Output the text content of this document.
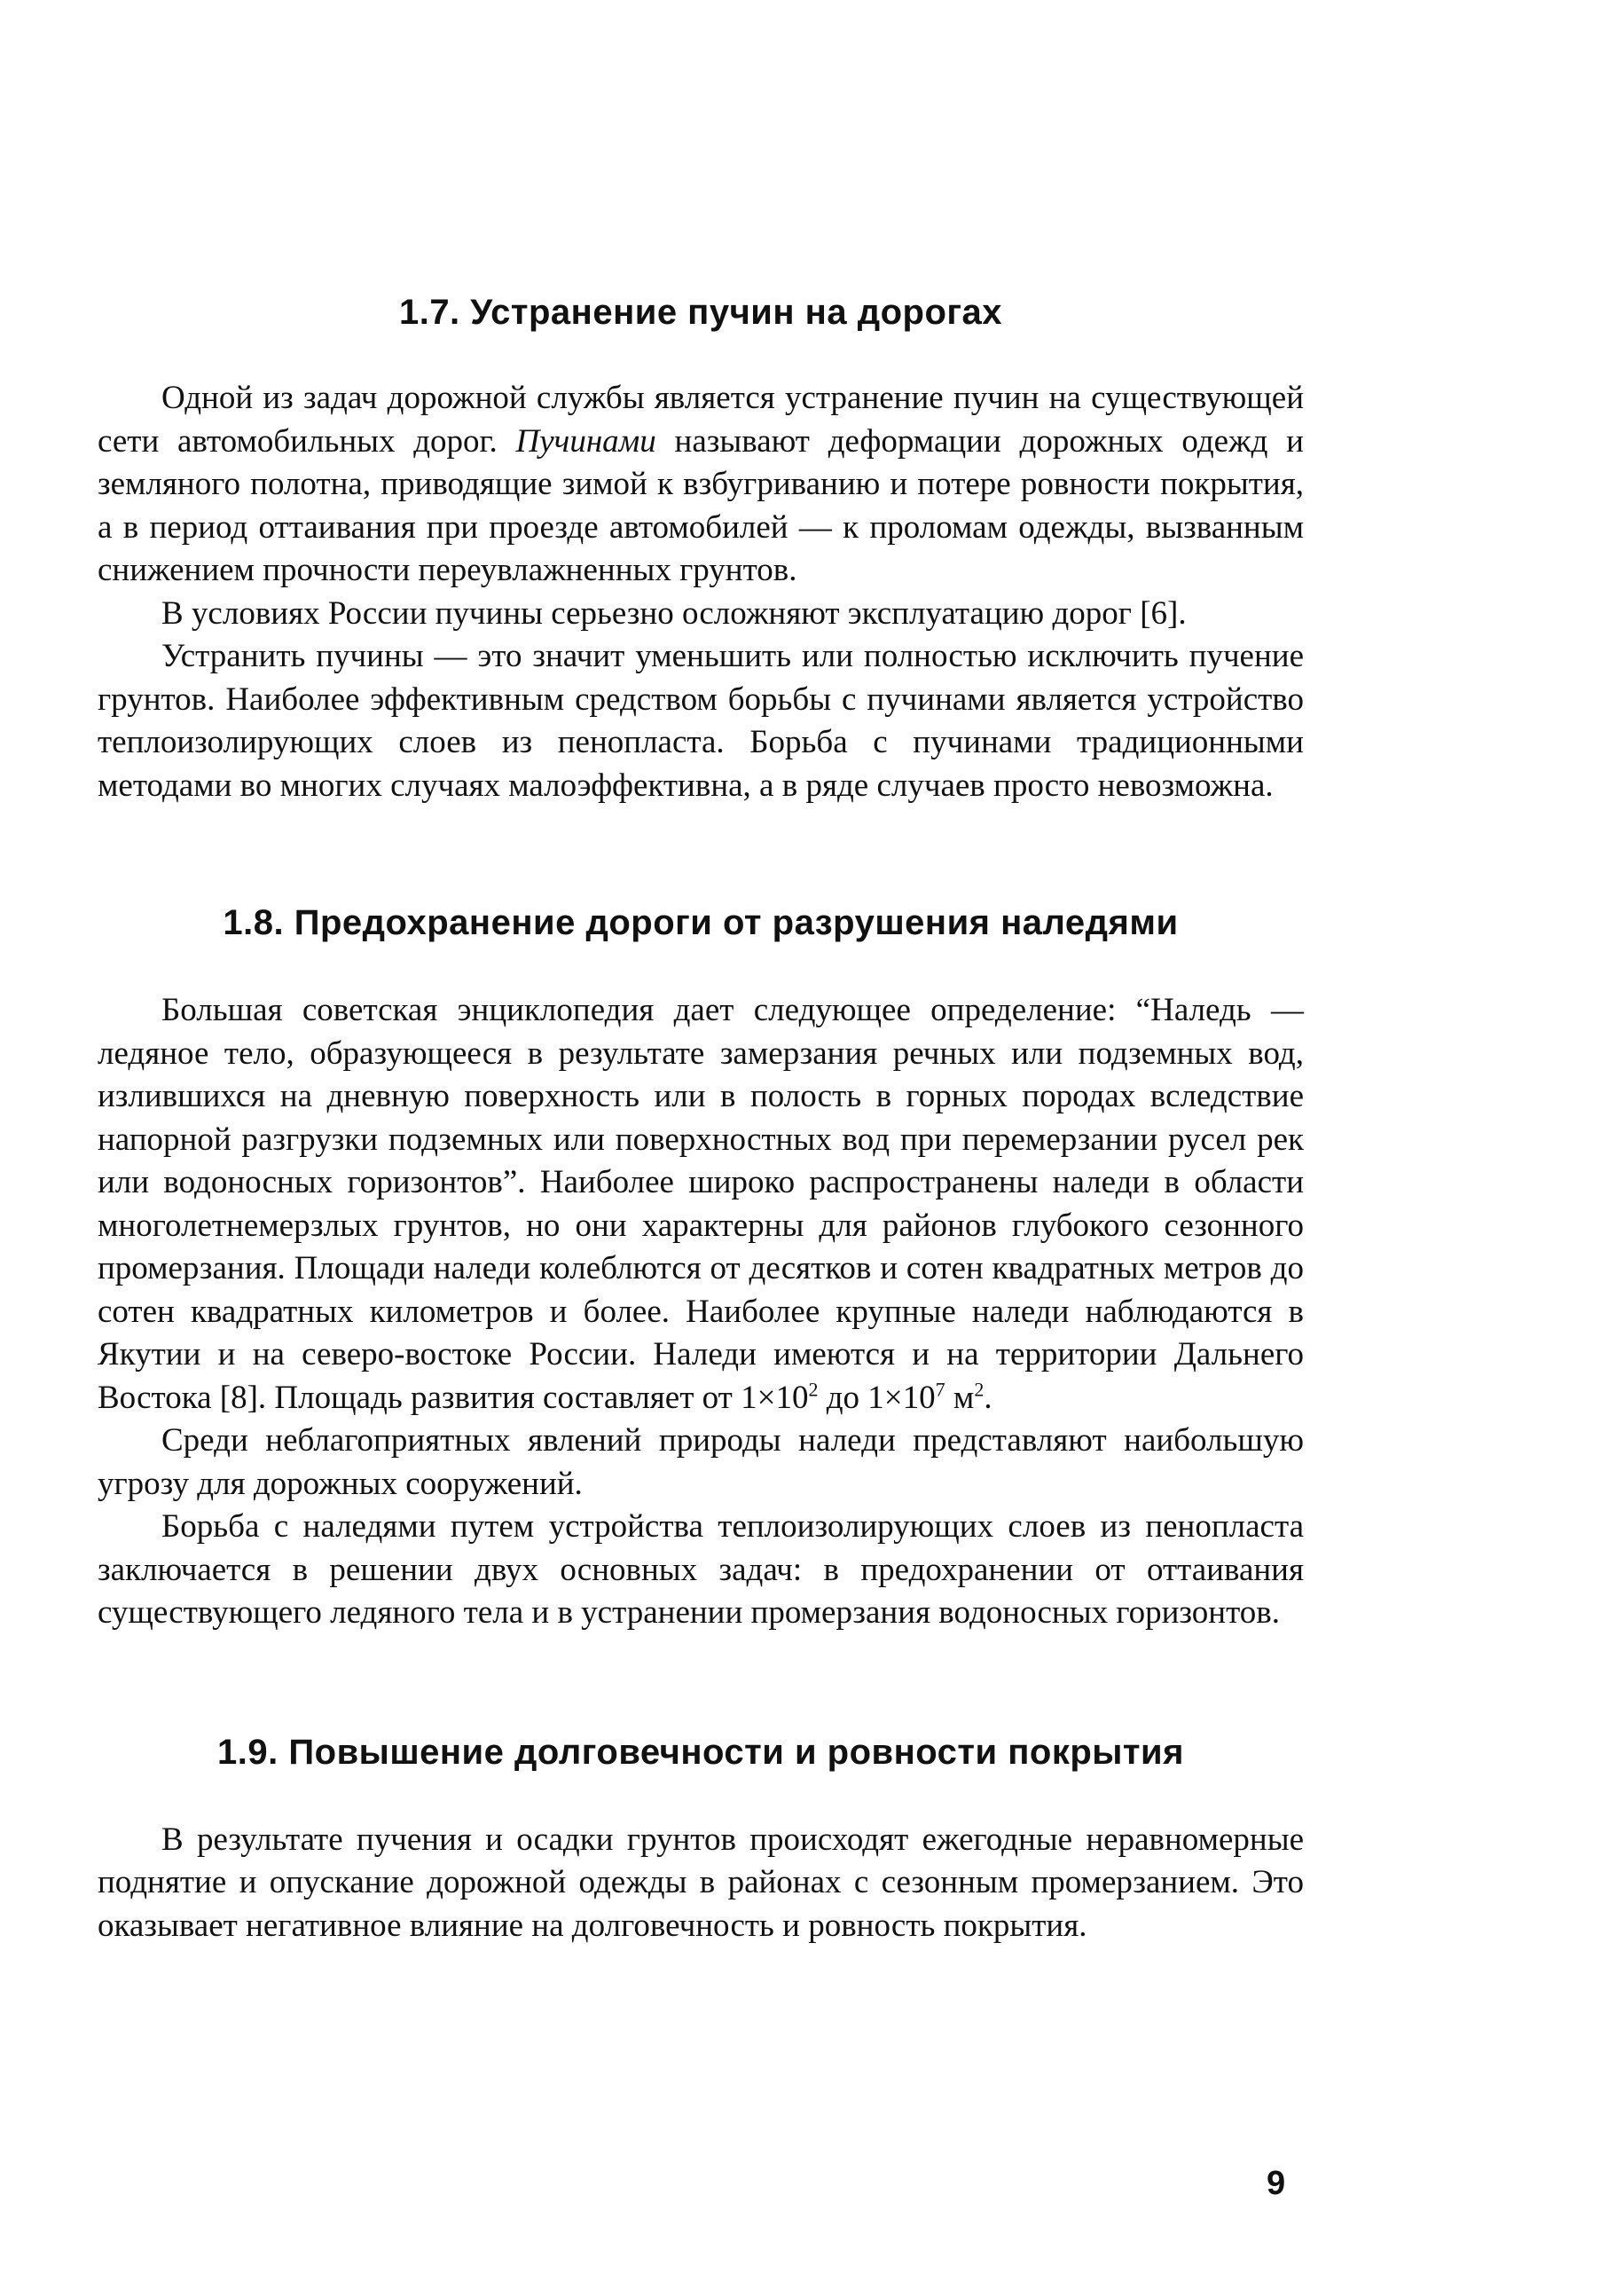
1.7. Устранение пучин на дорогах

Одной из задач дорожной службы является устранение пучин на существующей сети автомобильных дорог. Пучинами называют деформации дорожных одежд и земляного полотна, приводящие зимой к взбугриванию и потере ровности покрытия, а в период оттаивания при проезде автомобилей — к проломам одежды, вызванным снижением прочности переувлажненных грунтов.

В условиях России пучины серьезно осложняют эксплуатацию дорог [6].

Устранить пучины — это значит уменьшить или полностью исключить пучение грунтов. Наиболее эффективным средством борьбы с пучинами является устройство теплоизолирующих слоев из пенопласта. Борьба с пучинами традиционными методами во многих случаях малоэффективна, а в ряде случаев просто невозможна.

1.8. Предохранение дороги от разрушения наледями

Большая советская энциклопедия дает следующее определение: “Наледь — ледяное тело, образующееся в результате замерзания речных или подземных вод, излившихся на дневную поверхность или в полость в горных породах вследствие напорной разгрузки подземных или поверхностных вод при перемерзании русел рек или водоносных горизонтов”. Наиболее широко распространены наледи в области многолетнемерзлых грунтов, но они характерны для районов глубокого сезонного промерзания. Площади наледи колеблются от десятков и сотен квадратных метров до сотен квадратных километров и более. Наиболее крупные наледи наблюдаются в Якутии и на северо-востоке России. Наледи имеются и на территории Дальнего Востока [8]. Площадь развития составляет от $1\times 10^2$ до $1\times 10^7$ $м^2$.

Среди неблагоприятных явлений природы наледи представляют наибольшую угрозу для дорожных сооружений.

Борьба с наледями путем устройства теплоизолирующих слоев из пенопласта заключается в решении двух основных задач: в предохранении от оттаивания существующего ледяного тела и в устранении промерзания водоносных горизонтов.

1.9. Повышение долговечности и ровности покрытия

В результате пучения и осадки грунтов происходят ежегодные неравномерные поднятие и опускание дорожной одежды в районах с сезонным промерзанием. Это оказывает негативное влияние на долговечность и ровность покрытия.

9
